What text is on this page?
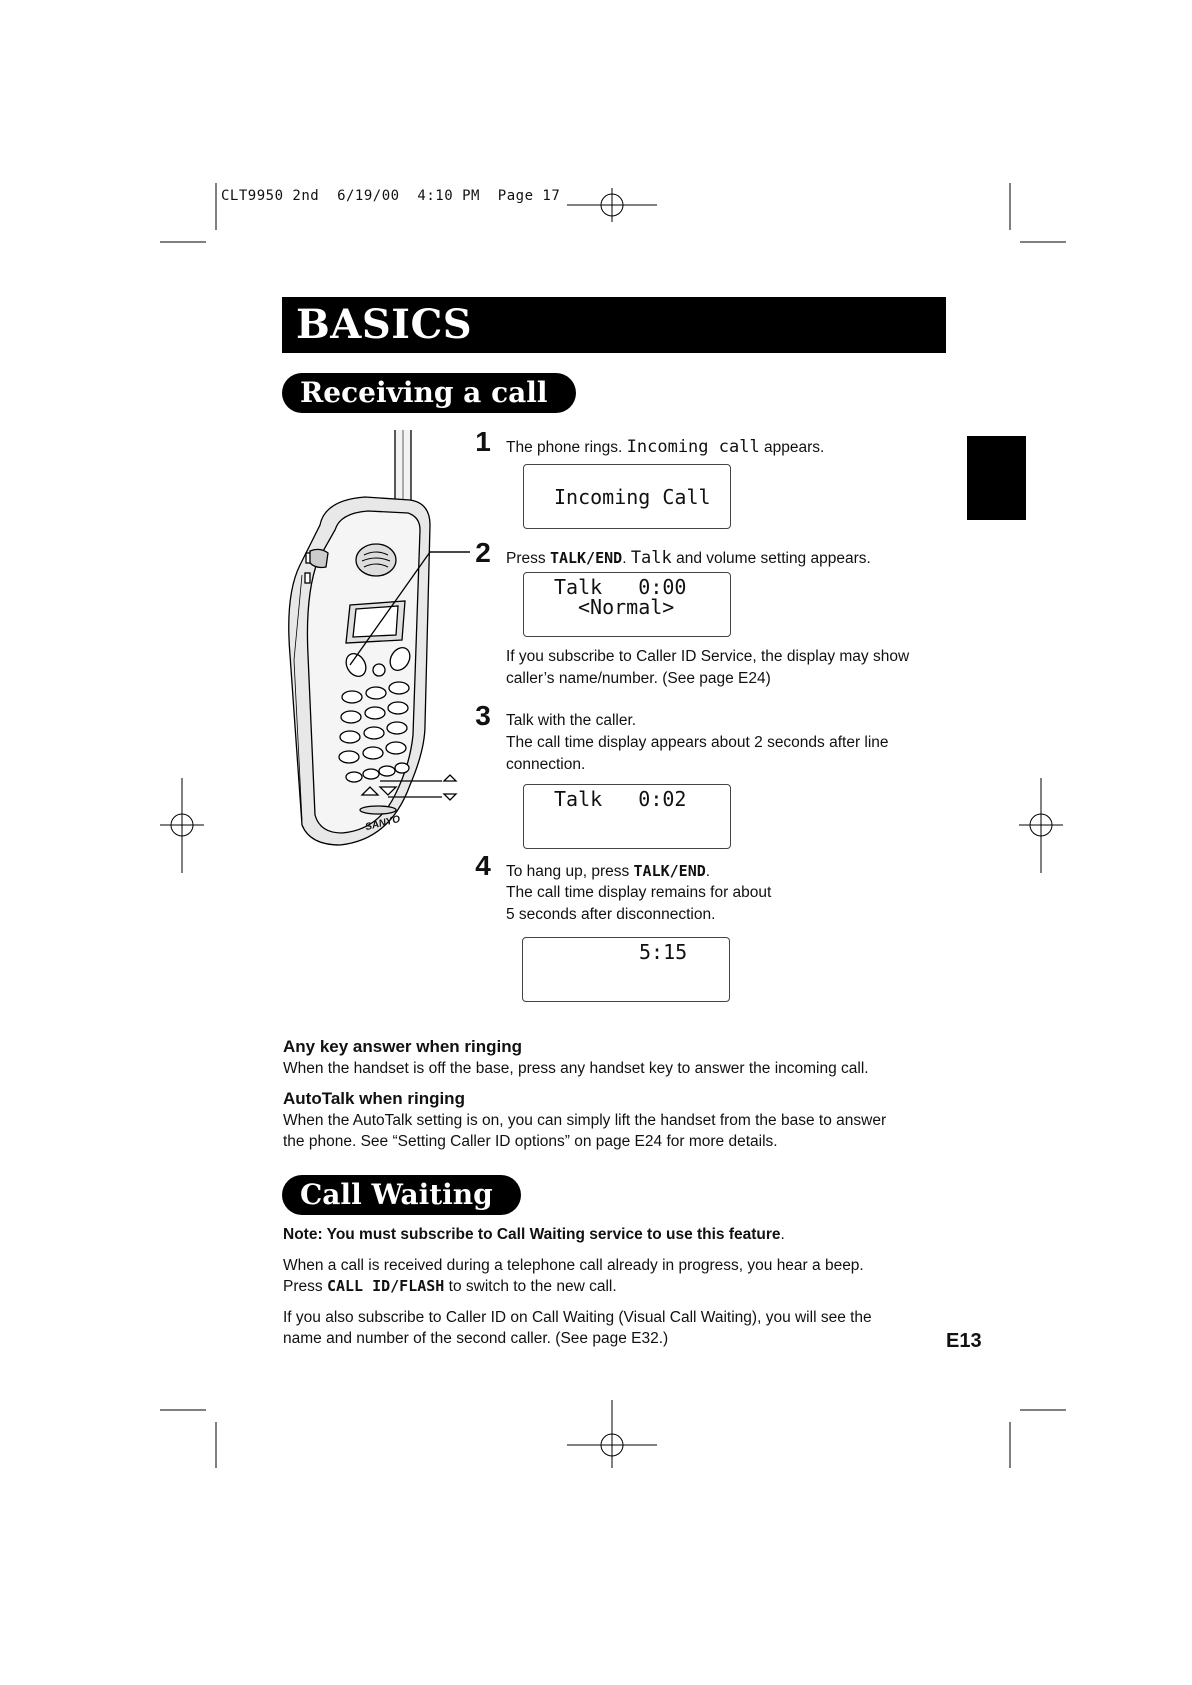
CLT9950 2nd  6/19/00  4:10 PM  Page 17
BASICS
Receiving a call
SANYO
1 The phone rings. Incoming call appears.
Incoming Call
2 Press TALK/END. Talk and volume setting appears.
Talk   0:00
<Normal>
If you subscribe to Caller ID Service, the display may show
caller’s name/number. (See page E24)
3 Talk with the caller.
The call time display appears about 2 seconds after line
connection.
Talk   0:02
4 To hang up, press TALK/END.
The call time display remains for about
5 seconds after disconnection.
5:15
Any key answer when ringing
When the handset is off the base, press any handset key to answer the incoming call.
AutoTalk when ringing
When the AutoTalk setting is on, you can simply lift the handset from the base to answer
the phone. See “Setting Caller ID options” on page E24 for more details.
Call Waiting
Note: You must subscribe to Call Waiting service to use this feature.
When a call is received during a telephone call already in progress, you hear a beep.
Press CALL ID/FLASH to switch to the new call.
If you also subscribe to Caller ID on Call Waiting (Visual Call Waiting), you will see the
name and number of the second caller. (See page E32.)	E13
